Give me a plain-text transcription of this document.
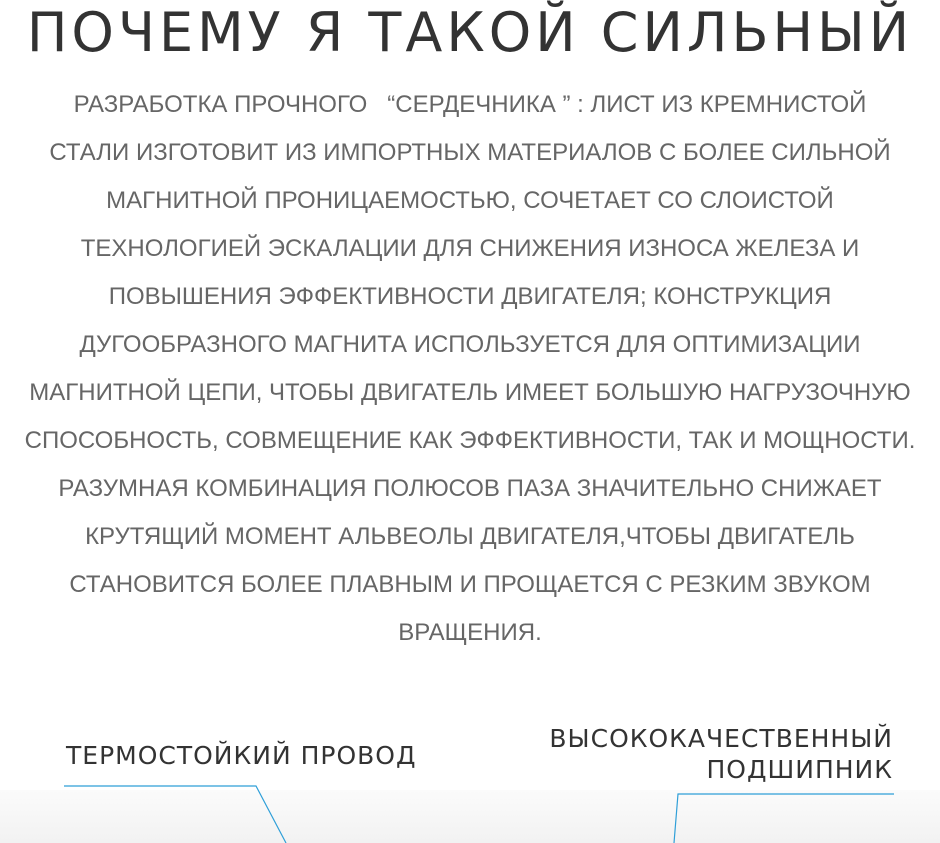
ПОЧЕМУ Я ТАКОЙ СИЛЬНЫЙ
РАЗРАБОТКА ПРОЧНОГО   “СЕРДЕЧНИКА ” : ЛИСТ ИЗ КРЕМНИСТОЙ
СТАЛИ ИЗГОТОВИТ ИЗ ИМПОРТНЫХ МАТЕРИАЛОВ С БОЛЕЕ СИЛЬНОЙ
МАГНИТНОЙ ПРОНИЦАЕМОСТЬЮ, СОЧЕТАЕТ СО СЛОИСТОЙ
ТЕХНОЛОГИЕЙ ЭСКАЛАЦИИ ДЛЯ СНИЖЕНИЯ ИЗНОСА ЖЕЛЕЗА И
ПОВЫШЕНИЯ ЭФФЕКТИВНОСТИ ДВИГАТЕЛЯ; КОНСТРУКЦИЯ
ДУГООБРАЗНОГО МАГНИТА ИСПОЛЬЗУЕТСЯ ДЛЯ ОПТИМИЗАЦИИ
МАГНИТНОЙ ЦЕПИ, ЧТОБЫ ДВИГАТЕЛЬ ИМЕЕТ БОЛЬШУЮ НАГРУЗОЧНУЮ
СПОСОБНОСТЬ, СОВМЕЩЕНИЕ КАК ЭФФЕКТИВНОСТИ, ТАК И МОЩНОСТИ.
РАЗУМНАЯ КОМБИНАЦИЯ ПОЛЮСОВ ПАЗА ЗНАЧИТЕЛЬНО СНИЖАЕТ
КРУТЯЩИЙ МОМЕНТ АЛЬВЕОЛЫ ДВИГАТЕЛЯ,ЧТОБЫ ДВИГАТЕЛЬ
СТАНОВИТСЯ БОЛЕЕ ПЛАВНЫМ И ПРОЩАЕТСЯ С РЕЗКИМ ЗВУКОМ
ВРАЩЕНИЯ.
ТЕРМОСТОЙКИЙ ПРОВОД
ВЫСОКОКАЧЕСТВЕННЫЙ
ПОДШИПНИК
